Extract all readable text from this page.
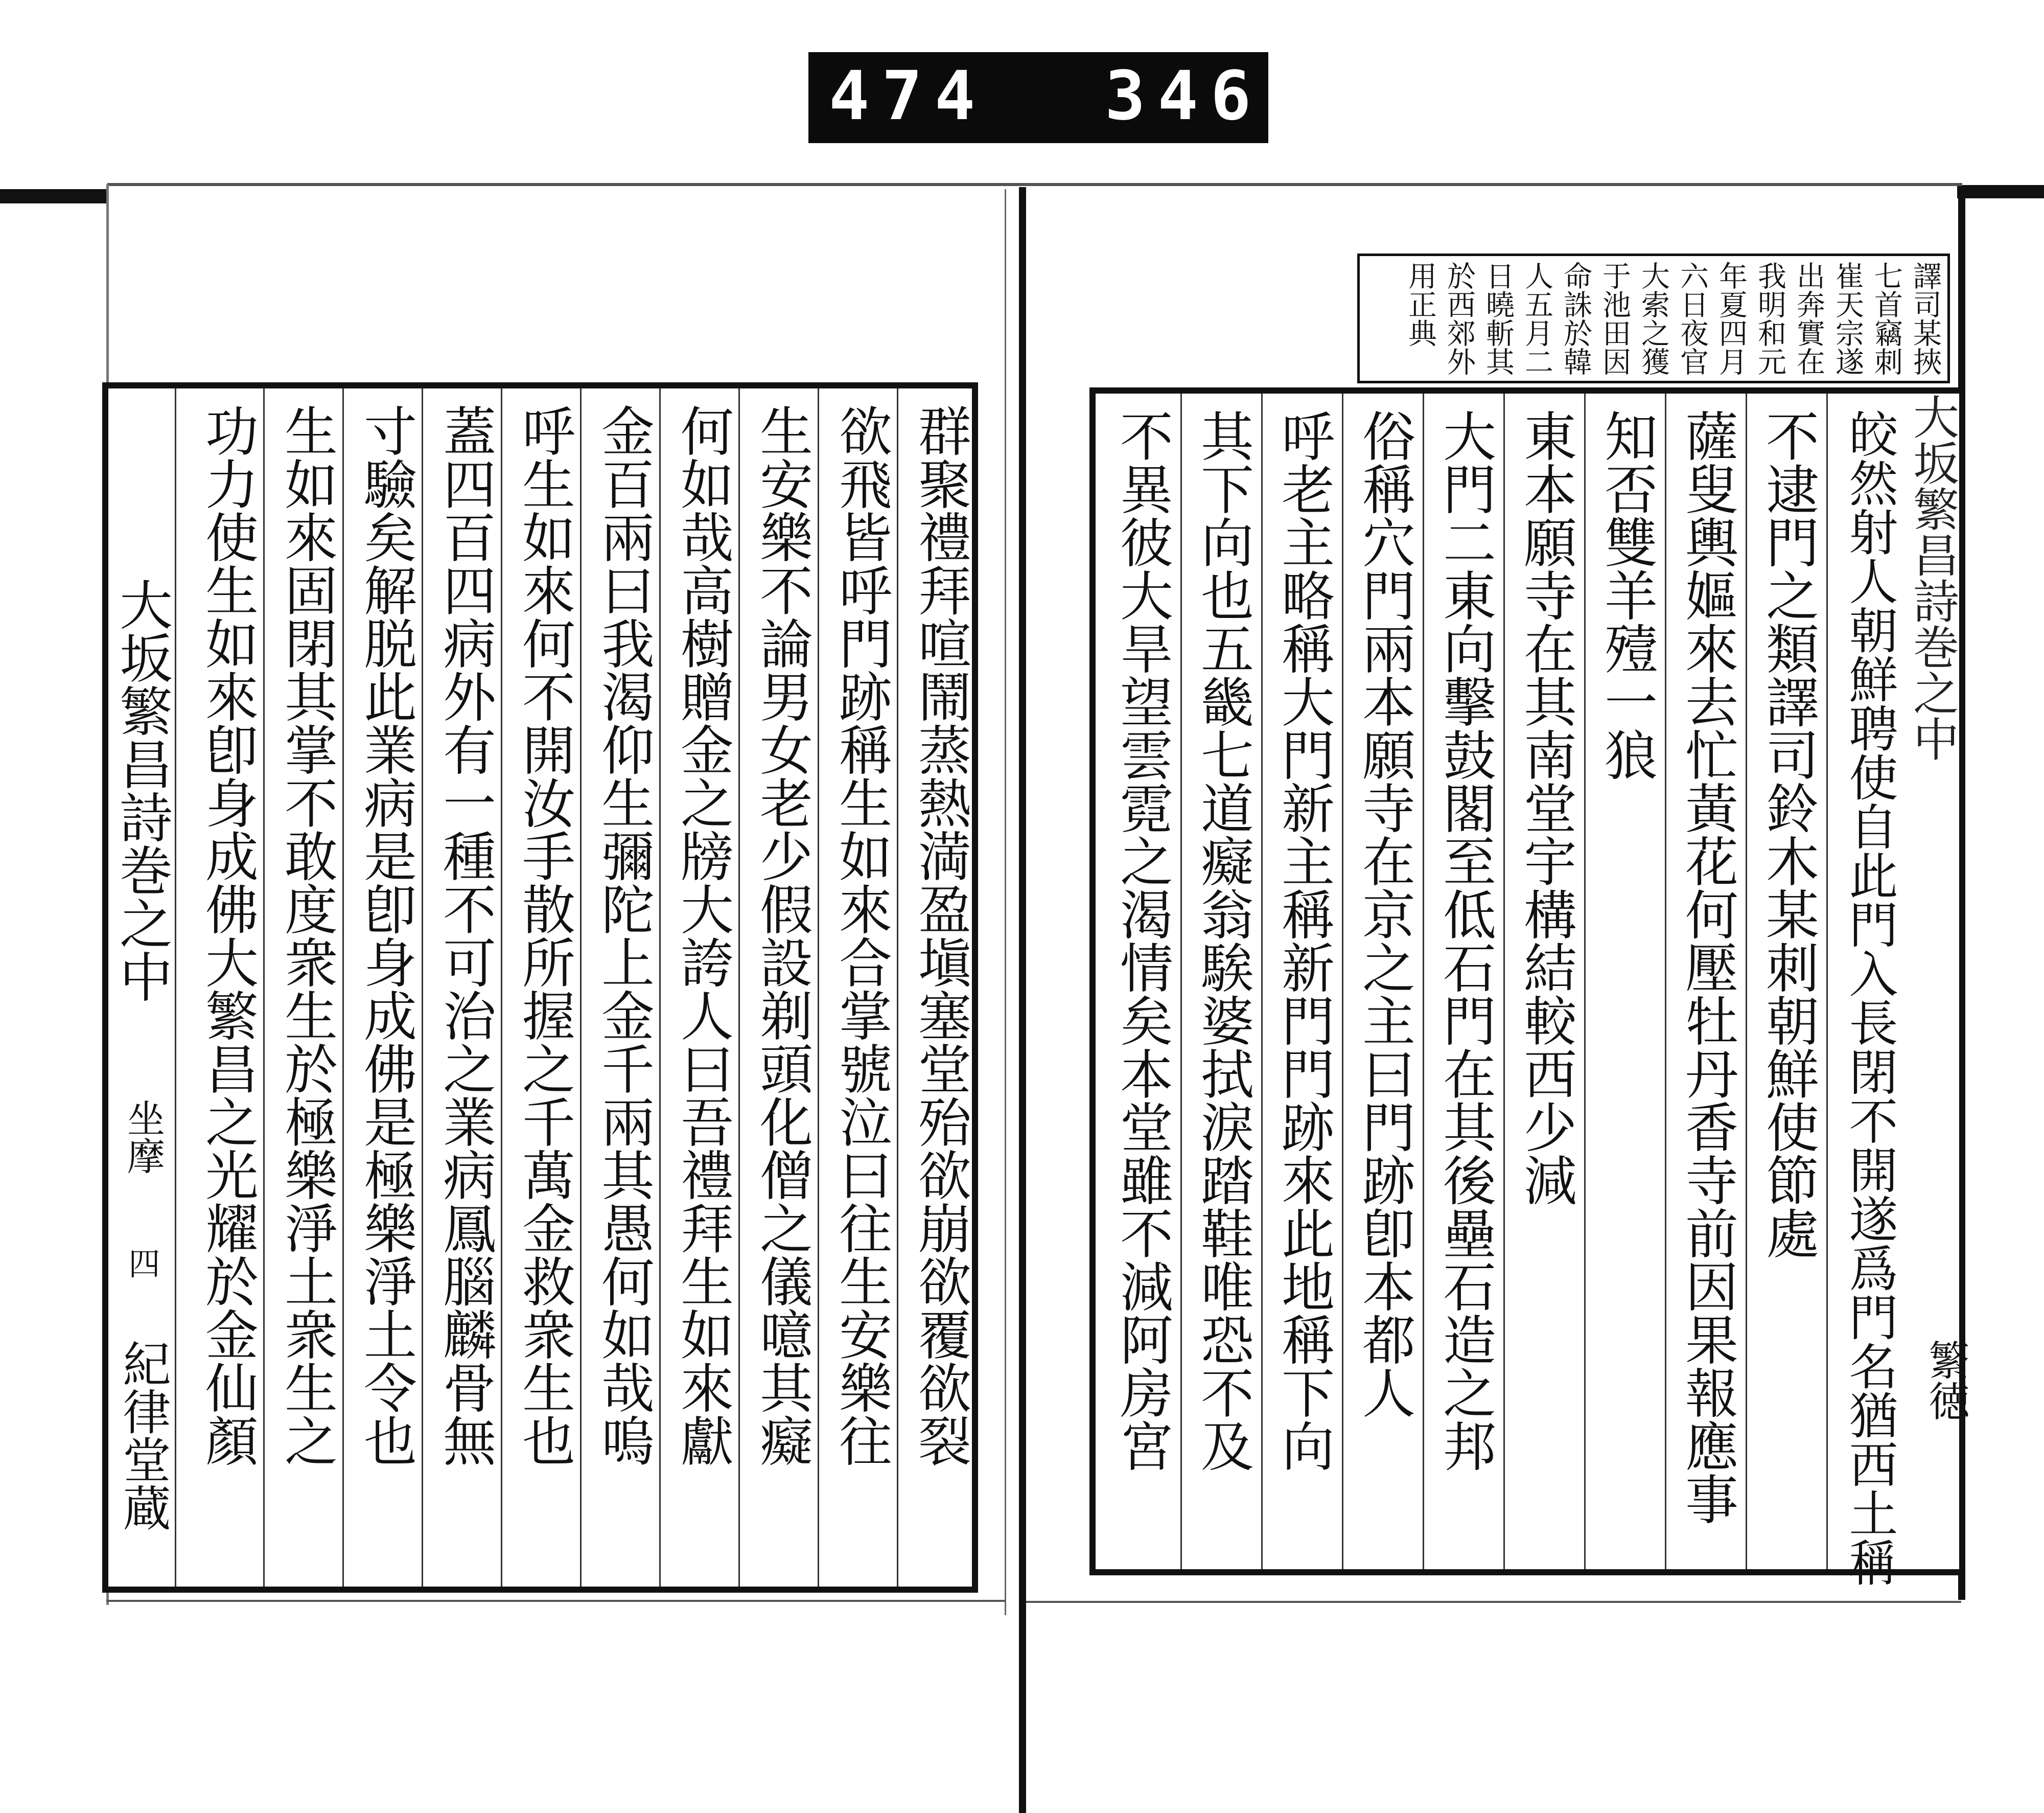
474 346.
大坂繁昌詩巻之中
坐摩
四
紀律堂蔵	群聚禮拜喧鬧蒸熱満盈塡塞堂殆欲崩欲覆欲裂
欲飛皆呼門跡稱生如來合掌號泣曰往生安樂往
生安樂不論男女老少假設剃頭化僧之儀噫其癡
何如哉高樹贈金之牓大誇人曰吾禮拜生如來獻
金百兩曰我渴仰生彌陀上金千兩其愚何如哉嗚
呼生如來何不開汝手散所握之千萬金救衆生也
蓋四百四病外有一種不可治之業病鳳腦麟骨無
寸驗矣解脱此業病是卽身成佛是極樂淨土令也
生如來固閉其掌不敢度衆生於極樂淨土衆生之
功力使生如來卽身成佛大繁昌之光耀於金仙顏	皎然射人朝鮮聘使自此門入長閉不開遂爲門名猶西土稱
不逮門之類譯司鈴木某刺朝鮮使節處
薩叟輿嫗來去忙黃花何壓牡丹香寺前因果報應事
知否雙羊殪一狼
東本願寺在其南堂宇構結較西少減
大門二東向擊鼓閣至低石門在其後壘石造之邦
俗稱穴門兩本願寺在京之主曰門跡卽本都人
呼老主略稱大門新主稱新門門跡來此地稱下向
其下向也五畿七道癡翁騃婆拭淚踏鞋唯恐不及
不異彼大旱望雲霓之渴情矣本堂雖不減阿房宮	大坂繁昌詩巻之中
繁徳
譯司某挾
七首竊刺
崔天宗遂
出奔實在
我明和元
年夏四月
六日夜官
大索之獲
于池田因
命誅於韓
人五月二
日曉斬其
於西郊外
用正典
